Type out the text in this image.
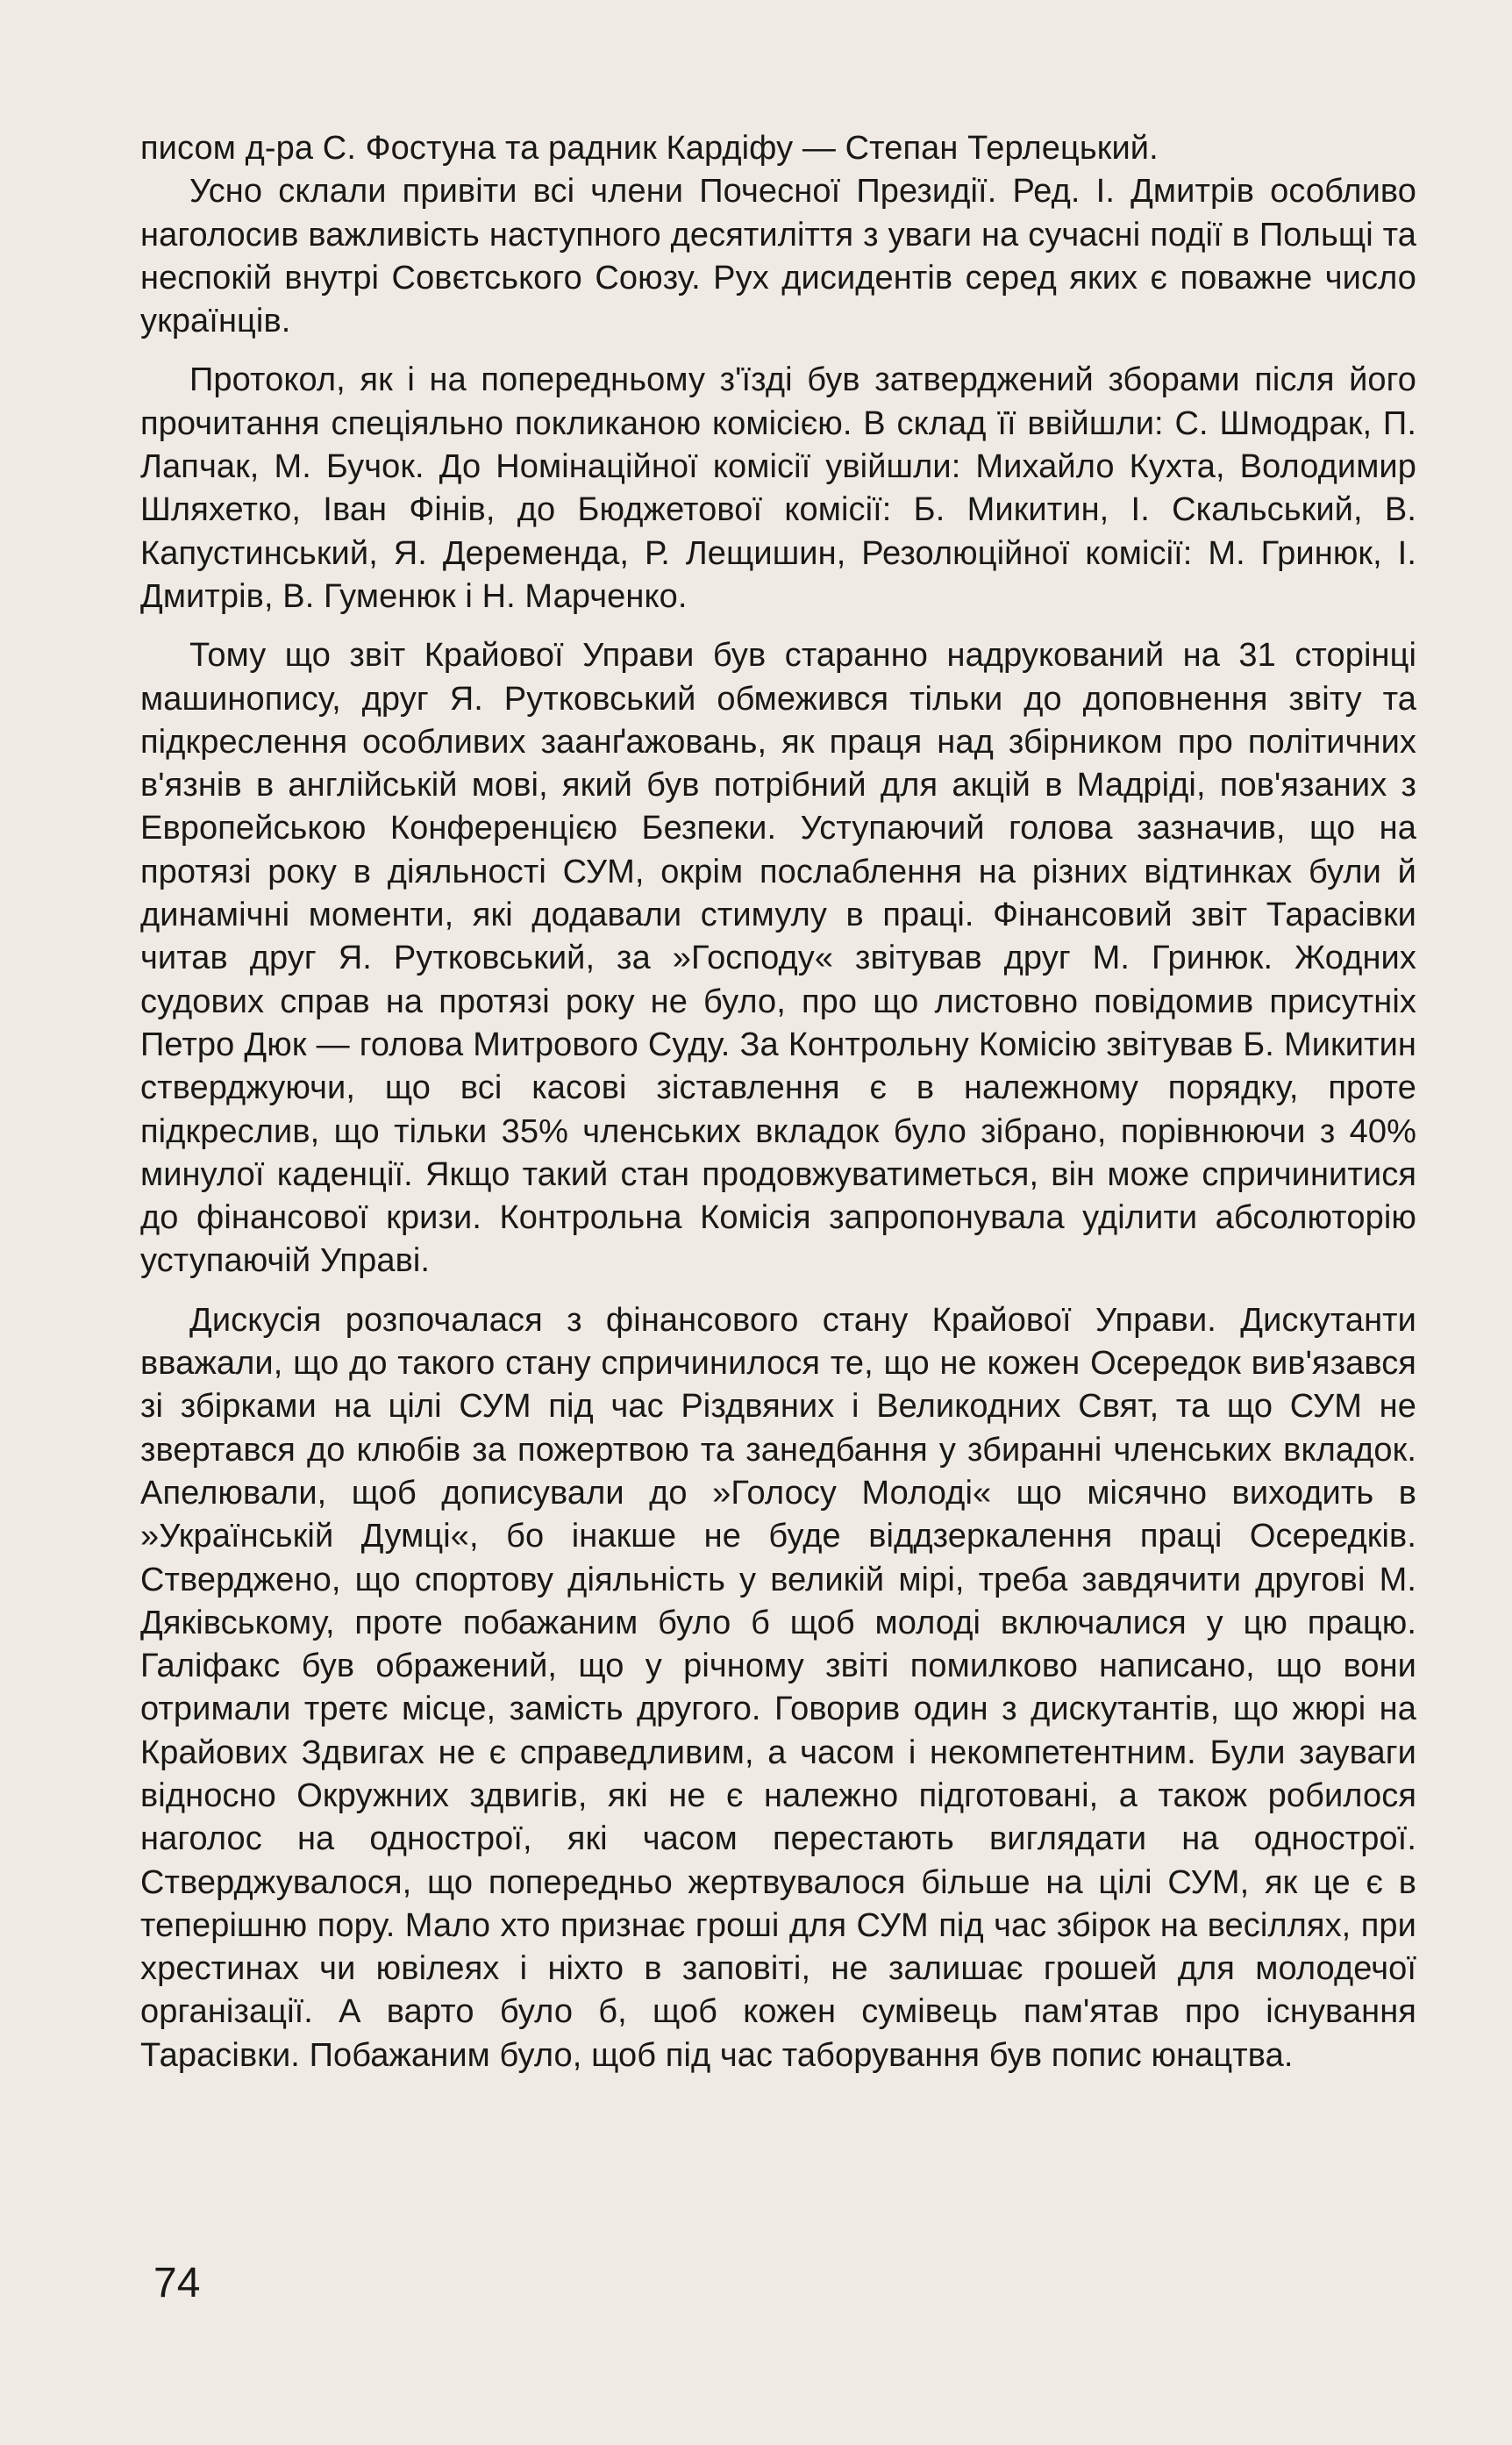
писом д-ра С. Фостуна та радник Кардіфу — Степан Терлецький.

Усно склали привіти всі члени Почесної Президії. Ред. І. Дмитрів особливо наголосив важливість наступного десятиліття з уваги на сучасні події в Польщі та неспокій внутрі Совєтського Союзу. Рух дисидентів серед яких є поважне число українців.

Протокол, як і на попередньому з'їзді був затверджений зборами після його прочитання спеціяльно покликаною комісією. В склад її ввійшли: С. Шмодрак, П. Лапчак, М. Бучок. До Номінаційної комісії увійшли: Михайло Кухта, Володимир Шляхетко, Іван Фінів, до Бюджетової комісії: Б. Микитин, І. Скальський, В. Капустинський, Я. Деременда, Р. Лещишин, Резолюційної комісії: М. Гринюк, І. Дмитрів, В. Гуменюк і Н. Марченко.

Тому що звіт Крайової Управи був старанно надрукований на 31 сторінці машинопису, друг Я. Рутковський обмежився тільки до доповнення звіту та підкреслення особливих заанґажовань, як праця над збірником про політичних в'язнів в англійській мові, який був потрібний для акцій в Мадріді, пов'язаних з Европейською Конференцією Безпеки. Уступаючий голова зазначив, що на протязі року в діяльності СУМ, окрім послаблення на різних відтинках були й динамічні моменти, які додавали стимулу в праці. Фінансовий звіт Тарасівки читав друг Я. Рутковський, за »Господу« звітував друг М. Гринюк. Жодних судових справ на протязі року не було, про що листовно повідомив присутніх Петро Дюк — голова Митрового Суду. За Контрольну Комісію звітував Б. Микитин стверджуючи, що всі касові зіставлення є в належному порядку, проте підкреслив, що тільки 35% членських вкладок було зібрано, порівнюючи з 40% минулої каденції. Якщо такий стан продовжуватиметься, він може спричинитися до фінансової кризи. Контрольна Комісія запропонувала уділити абсолюторію уступаючій Управі.

Дискусія розпочалася з фінансового стану Крайової Управи. Дискутанти вважали, що до такого стану спричинилося те, що не кожен Осередок вив'язався зі збірками на цілі СУМ під час Різдвяних і Великодних Свят, та що СУМ не звертався до клюбів за пожертвою та занедбання у збиранні членських вкладок. Апелювали, щоб дописували до »Голосу Молоді« що місячно виходить в »Українській Думці«, бо інакше не буде віддзеркалення праці Осередків. Стверджено, що спортову діяльність у великій мірі, треба завдячити другові М. Дяківському, проте побажаним було б щоб молоді включалися у цю працю. Галіфакс був ображений, що у річному звіті помилково написано, що вони отримали третє місце, замість другого. Говорив один з дискутантів, що жюрі на Крайових Здвигах не є справедливим, а часом і некомпетентним. Були зауваги відносно Окружних здвигів, які не є належно підготовані, а також робилося наголос на однострої, які часом перестають виглядати на однострої. Стверджувалося, що попередньо жертвувалося більше на цілі СУМ, як це є в теперішню пору. Мало хто признає гроші для СУМ під час збірок на весіллях, при хрестинах чи ювілеях і ніхто в заповіті, не залишає грошей для молодечої організації. А варто було б, щоб кожен сумівець пам'ятав про існування Тарасівки. Побажаним було, щоб під час таборування був попис юнацтва.

74
